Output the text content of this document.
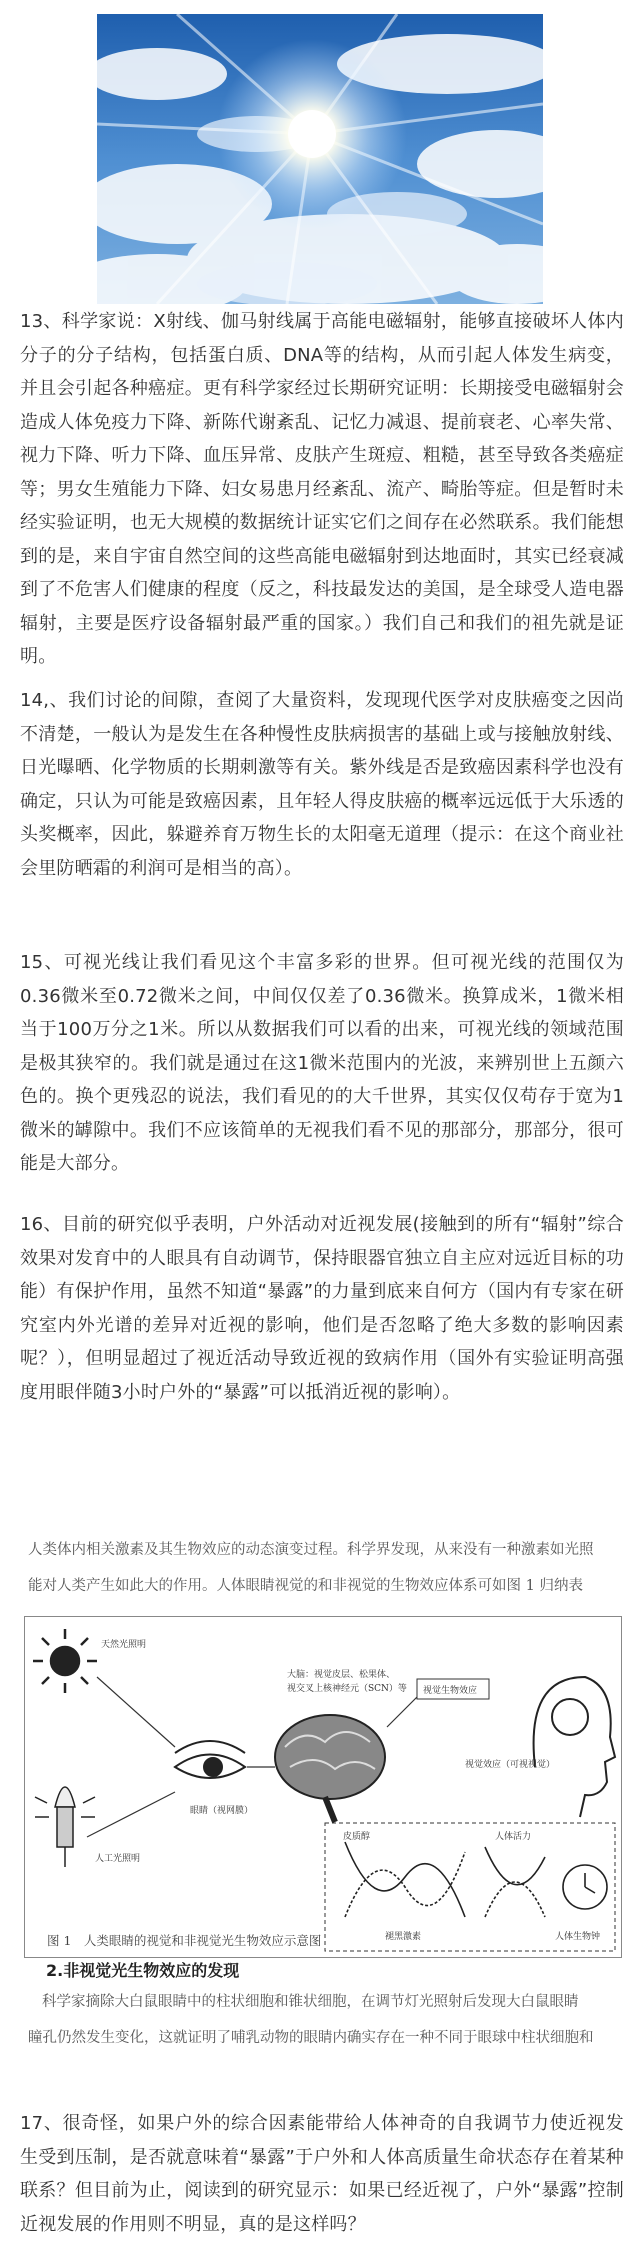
13、科学家说：X射线、伽马射线属于高能电磁辐射，能够直接破坏人体内分子的分子结构，包括蛋白质、DNA等的结构，从而引起人体发生病变，并且会引起各种癌症。更有科学家经过长期研究证明：长期接受电磁辐射会造成人体免疫力下降、新陈代谢紊乱、记忆力减退、提前衰老、心率失常、视力下降、听力下降、血压异常、皮肤产生斑痘、粗糙，甚至导致各类癌症等；男女生殖能力下降、妇女易患月经紊乱、流产、畸胎等症。但是暂时未经实验证明，也无大规模的数据统计证实它们之间存在必然联系。我们能想到的是，来自宇宙自然空间的这些高能电磁辐射到达地面时，其实已经衰减到了不危害人们健康的程度（反之，科技最发达的美国，是全球受人造电器辐射，主要是医疗设备辐射最严重的国家。）我们自己和我们的祖先就是证明。

14,、我们讨论的间隙，查阅了大量资料，发现现代医学对皮肤癌变之因尚不清楚，一般认为是发生在各种慢性皮肤病损害的基础上或与接触放射线、日光曝晒、化学物质的长期刺激等有关。紫外线是否是致癌因素科学也没有确定，只认为可能是致癌因素，且年轻人得皮肤癌的概率远远低于大乐透的头奖概率，因此，躲避养育万物生长的太阳毫无道理（提示：在这个商业社会里防晒霜的利润可是相当的高）。

15、可视光线让我们看见这个丰富多彩的世界。但可视光线的范围仅为0.36微米至0.72微米之间，中间仅仅差了0.36微米。换算成米，1微米相当于100万分之1米。所以从数据我们可以看的出来，可视光线的领域范围是极其狭窄的。我们就是通过在这1微米范围内的光波，来辨别世上五颜六色的。换个更残忍的说法，我们看见的的大千世界，其实仅仅苟存于宽为1微米的罅隙中。我们不应该简单的无视我们看不见的那部分，那部分，很可能是大部分。

16、目前的研究似乎表明，户外活动对近视发展(接触到的所有“辐射”综合效果对发育中的人眼具有自动调节，保持眼器官独立自主应对远近目标的功能）有保护作用，虽然不知道“暴露”的力量到底来自何方（国内有专家在研究室内外光谱的差异对近视的影响，他们是否忽略了绝大多数的影响因素呢？），但明显超过了视近活动导致近视的致病作用（国外有实验证明高强度用眼伴随3小时户外的“暴露”可以抵消近视的影响）。

人类体内相关激素及其生物效应的动态演变过程。科学界发现，从来没有一种激素如光照
能对人类产生如此大的作用。人体眼睛视觉的和非视觉的生物效应体系可如图 1 归纳表
天然光照明
人工光照明
眼睛（视网膜）
大脑：视觉皮层、松果体、
视交叉上核神经元（SCN）等 视觉生物效应
视觉效应（可视视觉）
皮质醇
褪黑激素
人体活力
人体生物钟
图 1　人类眼睛的视觉和非视觉光生物效应示意图
2.非视觉光生物效应的发现
科学家摘除大白鼠眼睛中的柱状细胞和锥状细胞，在调节灯光照射后发现大白鼠眼睛
瞳孔仍然发生变化，这就证明了哺乳动物的眼睛内确实存在一种不同于眼球中柱状细胞和

17、很奇怪，如果户外的综合因素能带给人体神奇的自我调节力使近视发生受到压制，是否就意味着“暴露”于户外和人体高质量生命状态存在着某种联系？但目前为止，阅读到的研究显示：如果已经近视了，户外“暴露”控制近视发展的作用则不明显，真的是这样吗？
